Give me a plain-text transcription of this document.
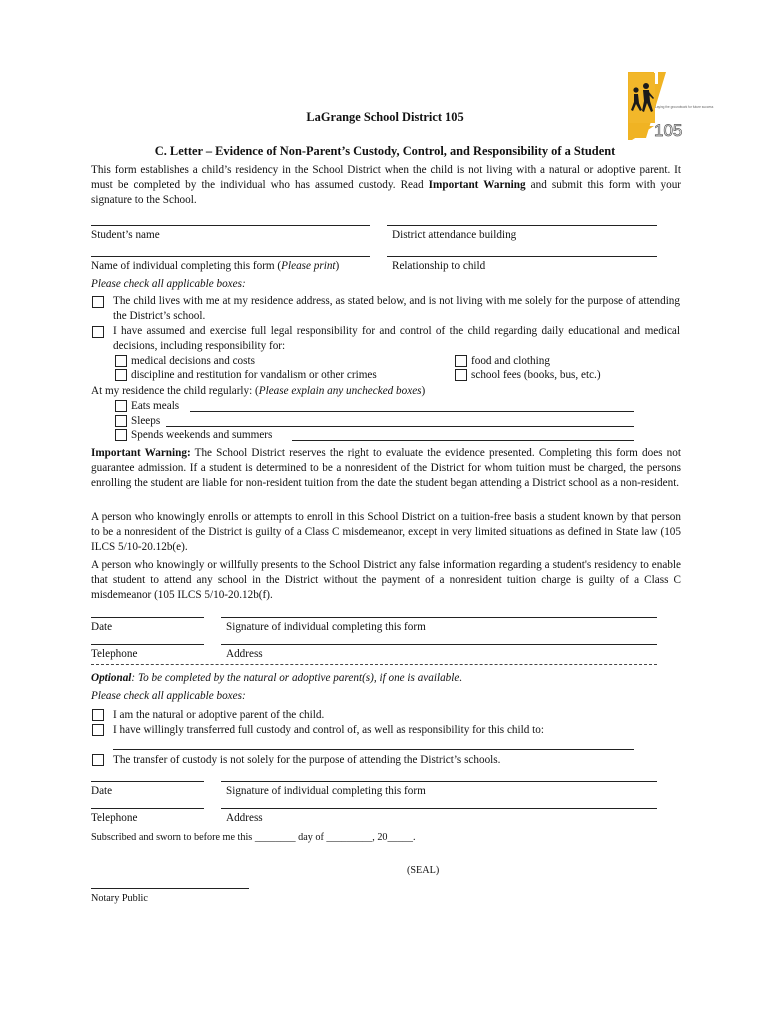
Laying the groundwork for future success
105
LaGrange School District 105
C. Letter – Evidence of Non-Parent’s Custody, Control, and Responsibility of a Student
This form establishes a child’s residency in the School District when the child is not living with a natural or adoptive parent. It must be completed by the individual who has assumed custody. Read Important Warning and submit this form with your signature to the School.
Student’s name	District attendance building
Name of individual completing this form (Please print)	Relationship to child
Please check all applicable boxes:
The child lives with me at my residence address, as stated below, and is not living with me solely for the purpose of attending the District’s school.
I have assumed and exercise full legal responsibility for and control of the child regarding daily educational and medical decisions, including responsibility for:
medical decisions and costs	food and clothing
discipline and restitution for vandalism or other crimes	school fees (books, bus, etc.)
At my residence the child regularly: (Please explain any unchecked boxes)
Eats meals
Sleeps
Spends weekends and summers
Important Warning: The School District reserves the right to evaluate the evidence presented. Completing this form does not guarantee admission. If a student is determined to be a nonresident of the District for whom tuition must be charged, the persons enrolling the student are liable for non-resident tuition from the date the student began attending a District school as a non-resident.
A person who knowingly enrolls or attempts to enroll in this School District on a tuition-free basis a student known by that person to be a nonresident of the District is guilty of a Class C misdemeanor, except in very limited situations as defined in State law (105 ILCS 5/10-20.12b(e).
A person who knowingly or willfully presents to the School District any false information regarding a student's residency to enable that student to attend any school in the District without the payment of a nonresident tuition charge is guilty of a Class C misdemeanor (105 ILCS 5/10-20.12b(f).
Date	Signature of individual completing this form
Telephone	Address
Optional: To be completed by the natural or adoptive parent(s), if one is available.
Please check all applicable boxes:
I am the natural or adoptive parent of the child.
I have willingly transferred full custody and control of, as well as responsibility for this child to:
The transfer of custody is not solely for the purpose of attending the District’s schools.
Date	Signature of individual completing this form
Telephone	Address
Subscribed and sworn to before me this ________ day of _________, 20_____.
(SEAL)
Notary Public
